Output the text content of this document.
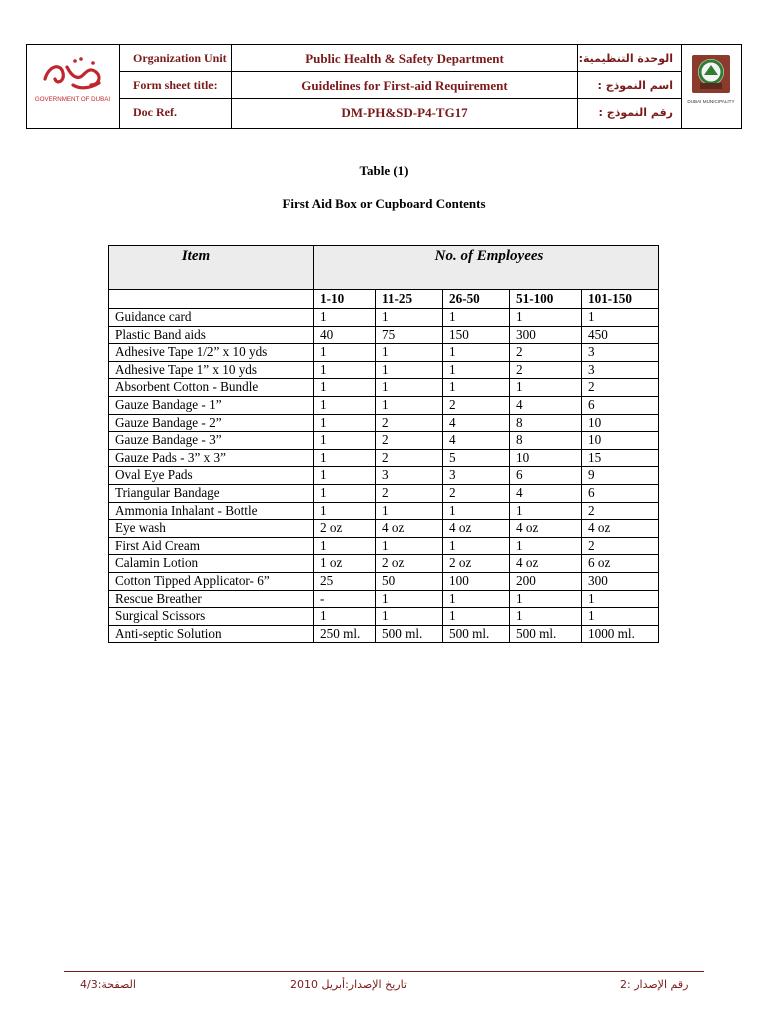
GOVERNMENT OF DUBAI
Organization Unit	Public Health & Safety Department	الوحدة التنظيمية:
Form sheet title:	Guidelines for First-aid Requirement	اسم النموذج :
Doc Ref.	DM-PH&SD-P4-TG17	رقم النموذج :
DUBAI MUNICIPALITY
Table (1)
First Aid Box or Cupboard Contents
Item	No. of Employees				
	1-10	11-25	26-50	51-100	101-150
Guidance card	1	1	1	1	1
Plastic Band aids	40	75	150	300	450
Adhesive Tape 1/2” x 10 yds	1	1	1	2	3
Adhesive Tape 1” x 10 yds	1	1	1	2	3
Absorbent Cotton - Bundle	1	1	1	1	2
Gauze Bandage - 1”	1	1	2	4	6
Gauze Bandage - 2”	1	2	4	8	10
Gauze Bandage - 3”	1	2	4	8	10
Gauze Pads - 3” x 3”	1	2	5	10	15
Oval Eye Pads	1	3	3	6	9
Triangular Bandage	1	2	2	4	6
Ammonia Inhalant - Bottle	1	1	1	1	2
Eye wash	2 oz	4 oz	4 oz	4 oz	4 oz
First Aid Cream	1	1	1	1	2
Calamin Lotion	1 oz	2 oz	2 oz	4 oz	6 oz
Cotton Tipped Applicator- 6”	25	50	100	200	300
Rescue Breather	-	1	1	1	1
Surgical Scissors	1	1	1	1	1
Anti-septic Solution	250 ml.	500 ml.	500 ml.	500 ml.	1000 ml.
الصفحة:4/3	تاريخ الإصدار:أبريل 2010	رقم الإصدار :2
